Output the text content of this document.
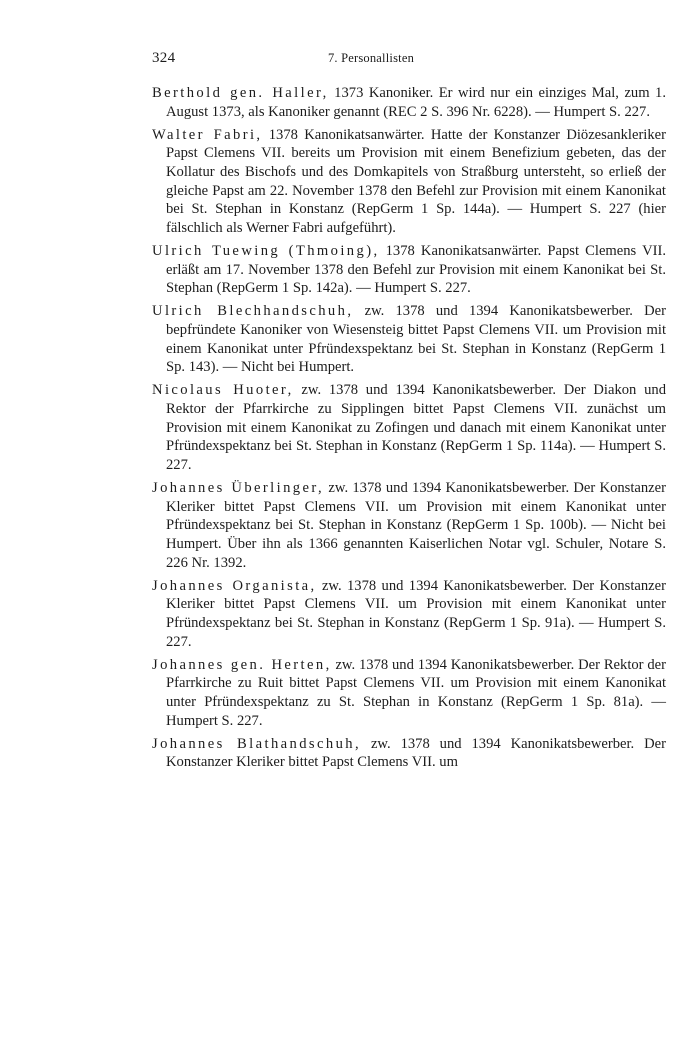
324	7. Personallisten

Berthold gen. Haller, 1373 Kanoniker. Er wird nur ein einziges Mal, zum 1. August 1373, als Kanoniker genannt (REC 2 S. 396 Nr. 6228). — Humpert S. 227.

Walter Fabri, 1378 Kanonikatsanwärter. Hatte der Konstanzer Diözesankleriker Papst Clemens VII. bereits um Provision mit einem Benefizium gebeten, das der Kollatur des Bischofs und des Domkapitels von Straßburg untersteht, so erließ der gleiche Papst am 22. November 1378 den Befehl zur Provision mit einem Kanonikat bei St. Stephan in Konstanz (RepGerm 1 Sp. 144a). — Humpert S. 227 (hier fälschlich als Werner Fabri aufgeführt).

Ulrich Tuewing (Thmoing), 1378 Kanonikatsanwärter. Papst Clemens VII. erläßt am 17. November 1378 den Befehl zur Provision mit einem Kanonikat bei St. Stephan (RepGerm 1 Sp. 142a). — Humpert S. 227.

Ulrich Blechhandschuh, zw. 1378 und 1394 Kanonikatsbewerber. Der bepfründete Kanoniker von Wiesensteig bittet Papst Clemens VII. um Provision mit einem Kanonikat unter Pfründexspektanz bei St. Stephan in Konstanz (RepGerm 1 Sp. 143). — Nicht bei Humpert.

Nicolaus Huoter, zw. 1378 und 1394 Kanonikatsbewerber. Der Diakon und Rektor der Pfarrkirche zu Sipplingen bittet Papst Clemens VII. zunächst um Provision mit einem Kanonikat zu Zofingen und danach mit einem Kanonikat unter Pfründexspektanz bei St. Stephan in Konstanz (RepGerm 1 Sp. 114a). — Humpert S. 227.

Johannes Überlinger, zw. 1378 und 1394 Kanonikatsbewerber. Der Konstanzer Kleriker bittet Papst Clemens VII. um Provision mit einem Kanonikat unter Pfründexspektanz bei St. Stephan in Konstanz (RepGerm 1 Sp. 100b). — Nicht bei Humpert. Über ihn als 1366 genannten Kaiserlichen Notar vgl. Schuler, Notare S. 226 Nr. 1392.

Johannes Organista, zw. 1378 und 1394 Kanonikatsbewerber. Der Konstanzer Kleriker bittet Papst Clemens VII. um Provision mit einem Kanonikat unter Pfründexspektanz bei St. Stephan in Konstanz (RepGerm 1 Sp. 91a). — Humpert S. 227.

Johannes gen. Herten, zw. 1378 und 1394 Kanonikatsbewerber. Der Rektor der Pfarrkirche zu Ruit bittet Papst Clemens VII. um Provision mit einem Kanonikat unter Pfründexspektanz zu St. Stephan in Konstanz (RepGerm 1 Sp. 81a). — Humpert S. 227.

Johannes Blathandschuh, zw. 1378 und 1394 Kanonikatsbewerber. Der Konstanzer Kleriker bittet Papst Clemens VII. um
